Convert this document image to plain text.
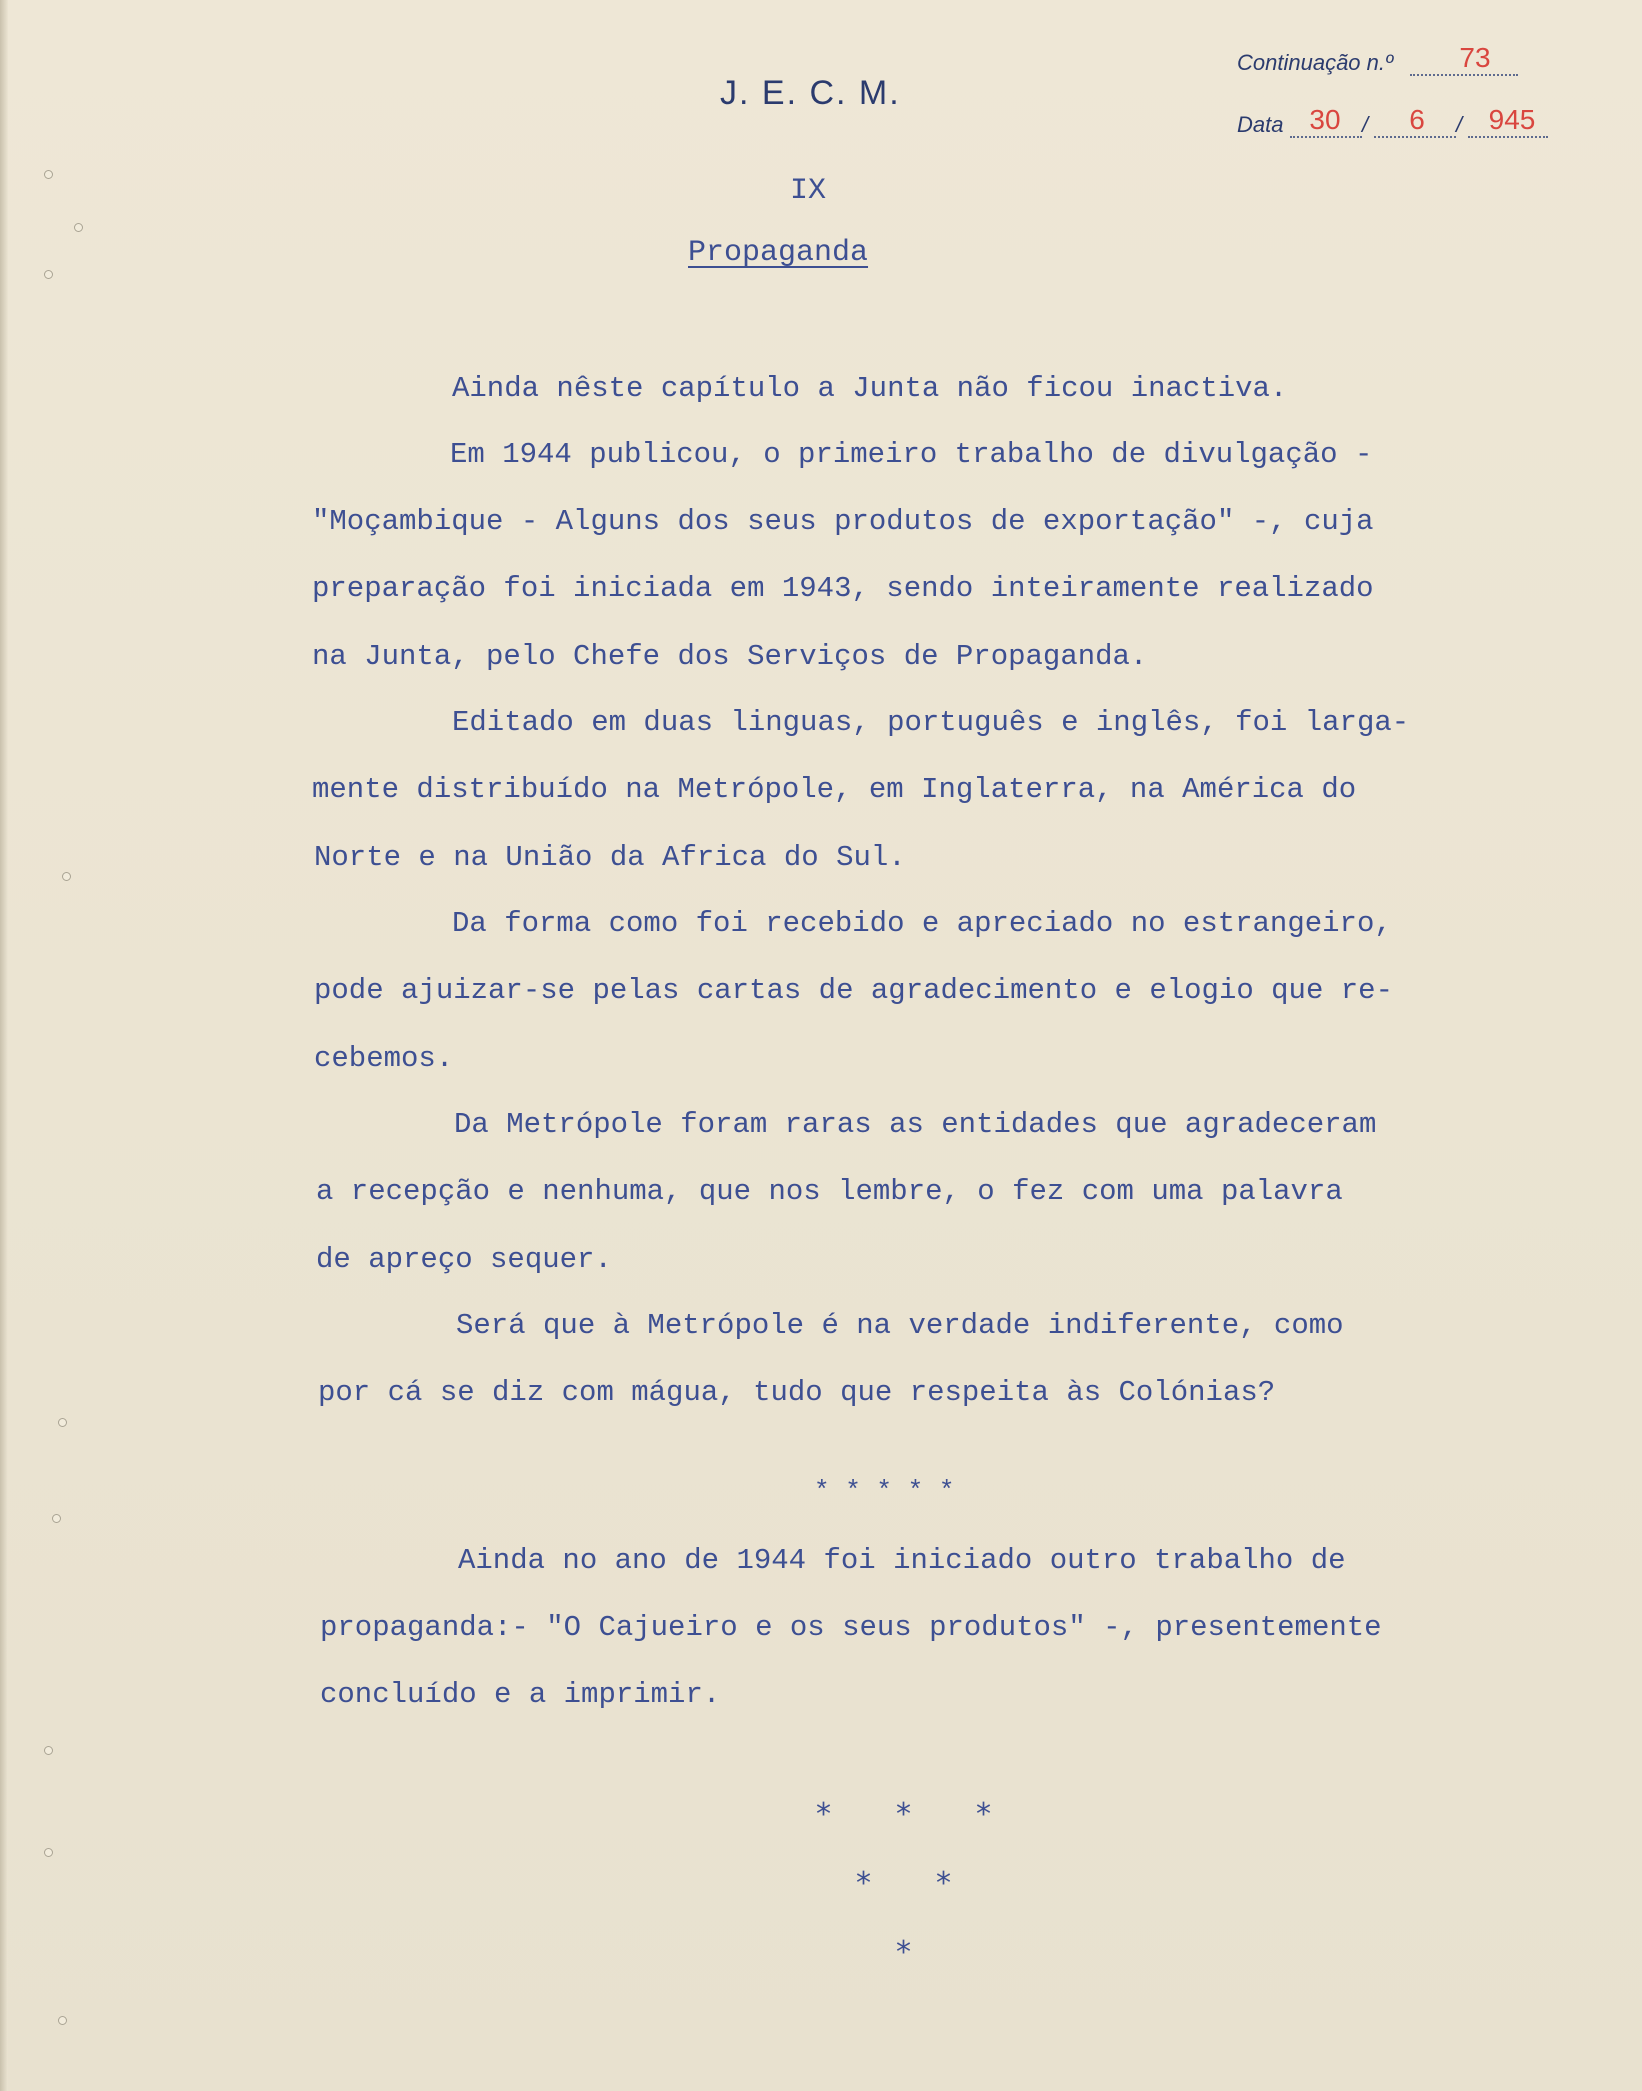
J. E. C. M.
Continuação n.º	73
Data 30 /	6	/ 945
IX
Propaganda
Ainda nêste capítulo a Junta não ficou inactiva.
Em 1944 publicou, o primeiro trabalho de divulgação -
"Moçambique - Alguns dos seus produtos de exportação" -, cuja
preparação foi iniciada em 1943, sendo inteiramente realizado
na Junta, pelo Chefe dos Serviços de Propaganda.
Editado em duas linguas, português e inglês, foi larga-
mente distribuído na Metrópole, em Inglaterra, na América do
Norte e na União da Africa do Sul.
Da forma como foi recebido e apreciado no estrangeiro,
pode ajuizar-se pelas cartas de agradecimento e elogio que re-
cebemos.
Da Metrópole foram raras as entidades que agradeceram
a recepção e nenhuma, que nos lembre, o fez com uma palavra
de apreço sequer.
Será que à Metrópole é na verdade indiferente, como
por cá se diz com mágua, tudo que respeita às Colónias?
* * * * *
Ainda no ano de 1944 foi iniciado outro trabalho de
propaganda:- "O Cajueiro e os seus produtos" -, presentemente
concluído e a imprimir.
* * *
* *
*
